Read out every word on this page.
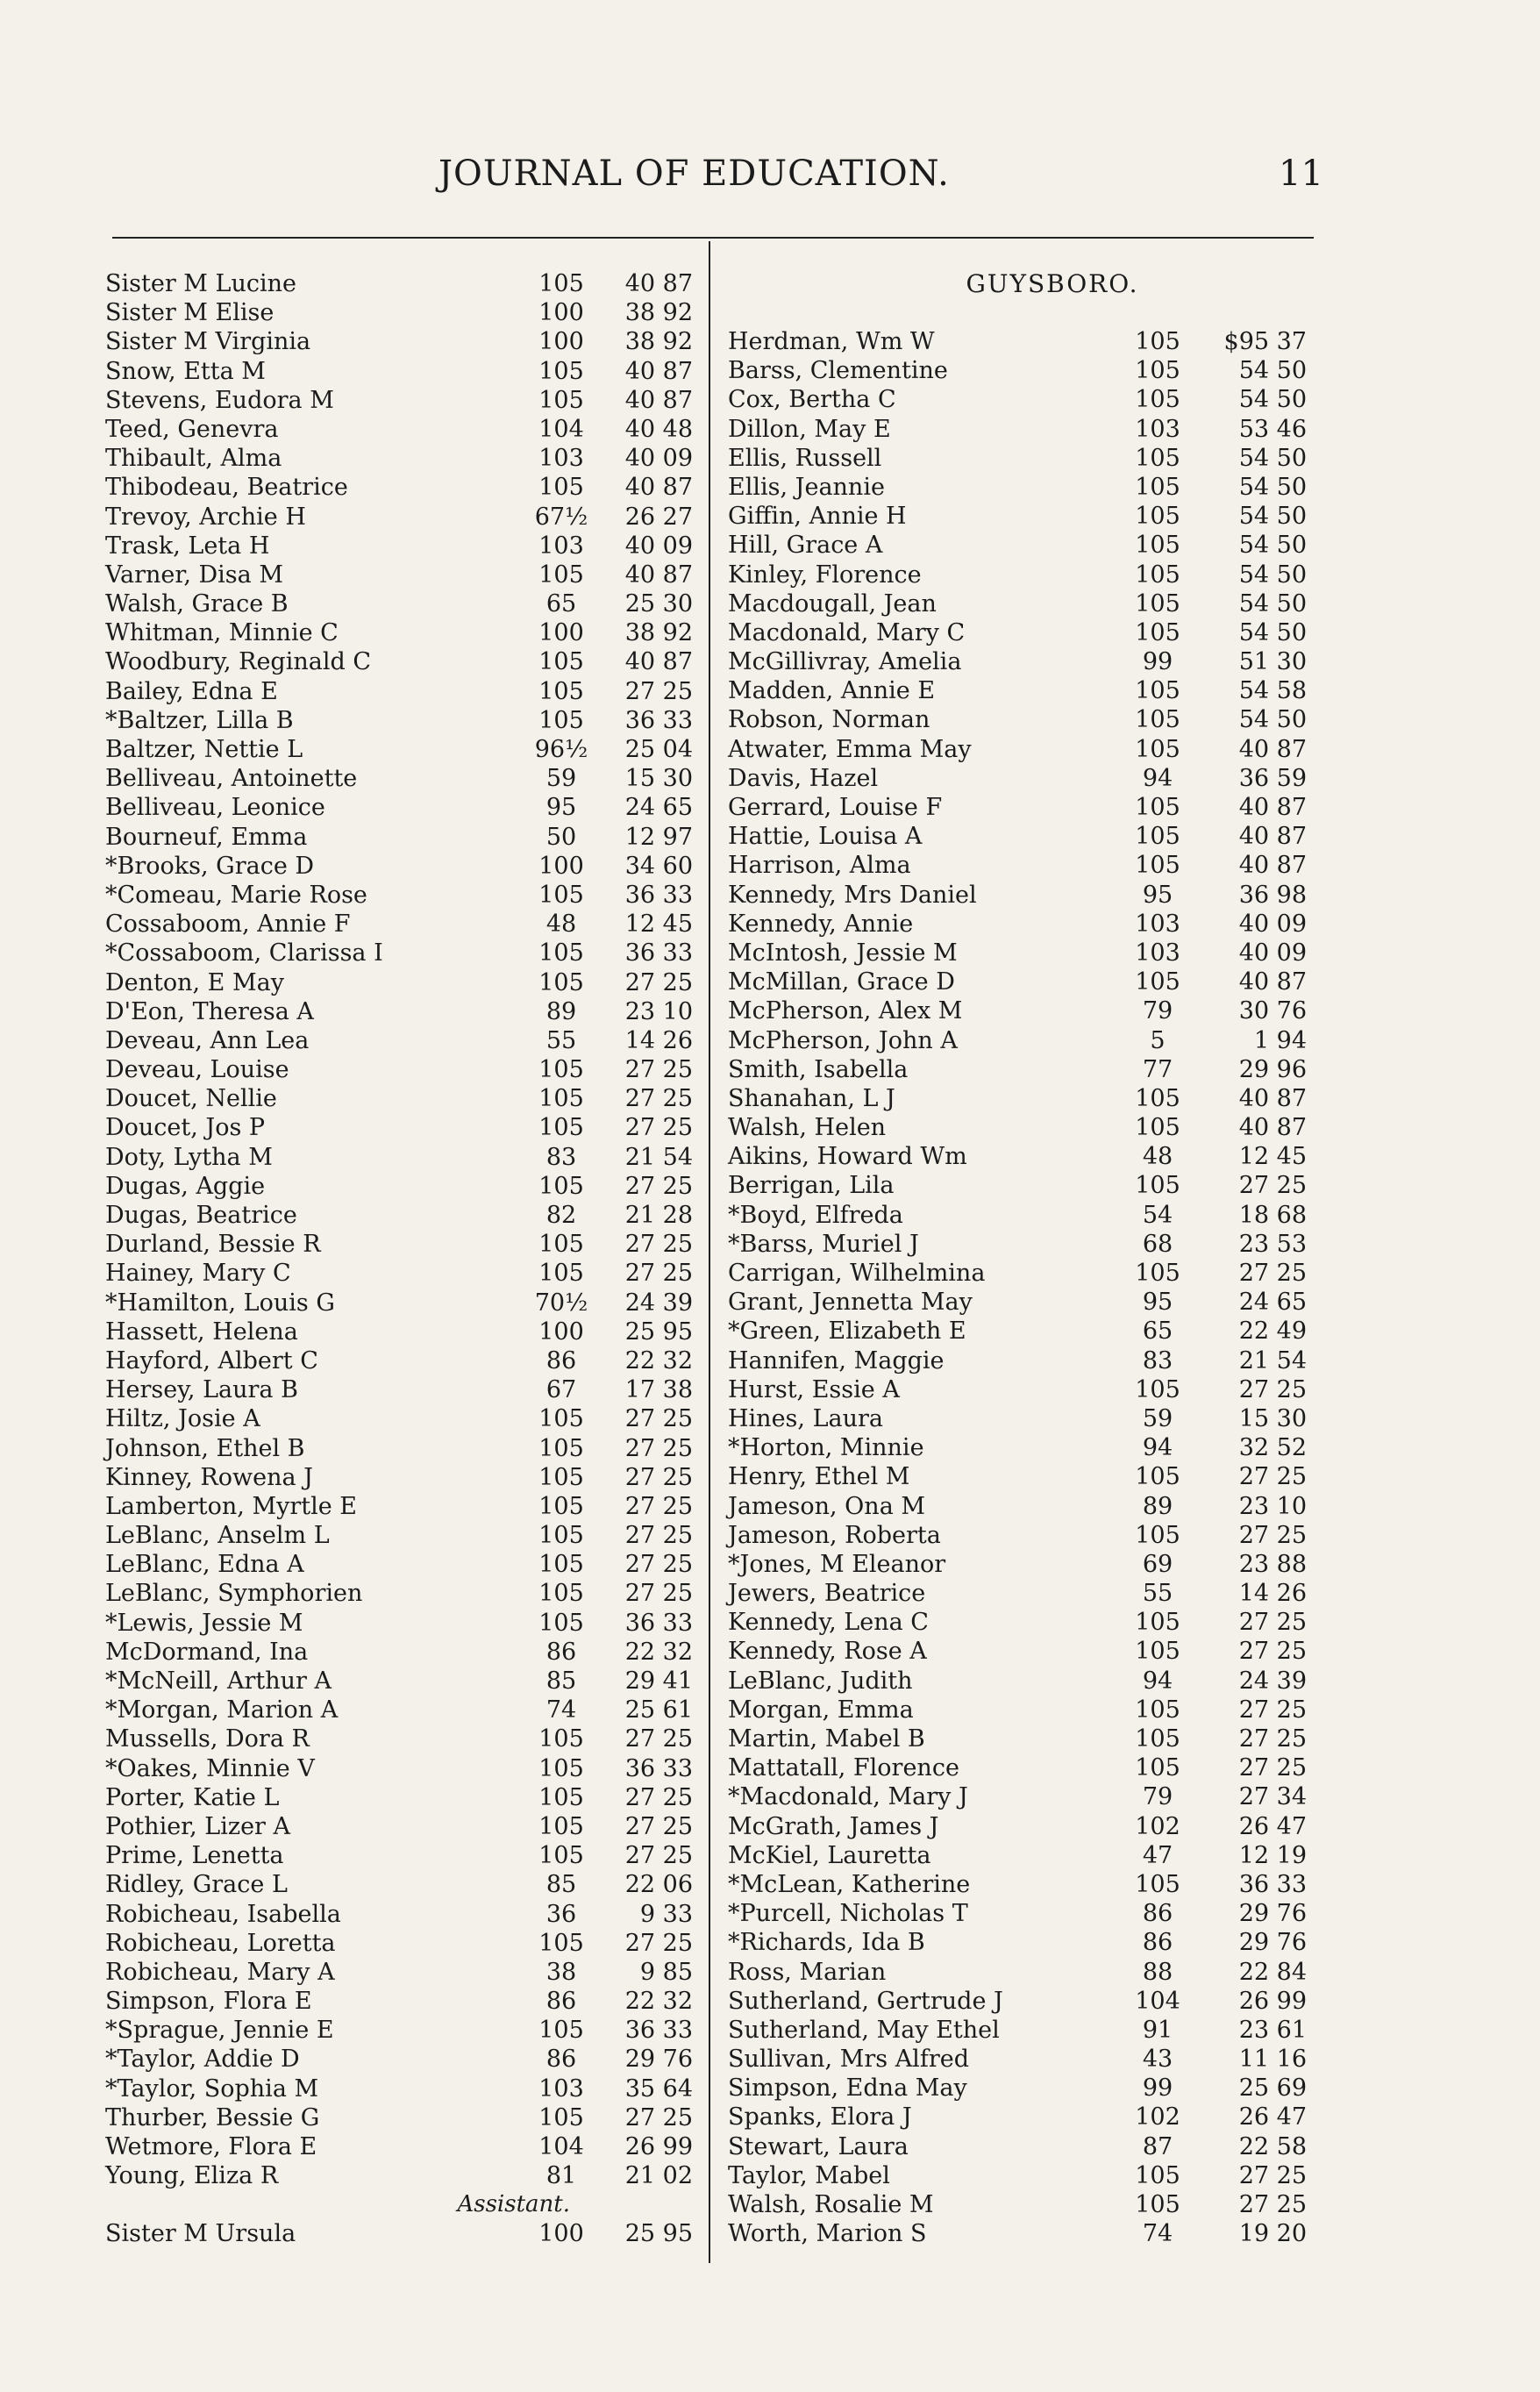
JOURNAL OF EDUCATION.	11
Sister M Lucine	105	40 87
Sister M Elise	100	38 92
Sister M Virginia	100	38 92
Snow, Etta M	105	40 87
Stevens, Eudora M	105	40 87
Teed, Genevra	104	40 48
Thibault, Alma	103	40 09
Thibodeau, Beatrice	105	40 87
Trevoy, Archie H	67½	26 27
Trask, Leta H	103	40 09
Varner, Disa M	105	40 87
Walsh, Grace B	65	25 30
Whitman, Minnie C	100	38 92
Woodbury, Reginald C	105	40 87
Bailey, Edna E	105	27 25
*Baltzer, Lilla B	105	36 33
Baltzer, Nettie L	96½	25 04
Belliveau, Antoinette	59	15 30
Belliveau, Leonice	95	24 65
Bourneuf, Emma	50	12 97
*Brooks, Grace D	100	34 60
*Comeau, Marie Rose	105	36 33
Cossaboom, Annie F	48	12 45
*Cossaboom, Clarissa I	105	36 33
Denton, E May	105	27 25
D'Eon, Theresa A	89	23 10
Deveau, Ann Lea	55	14 26
Deveau, Louise	105	27 25
Doucet, Nellie	105	27 25
Doucet, Jos P	105	27 25
Doty, Lytha M	83	21 54
Dugas, Aggie	105	27 25
Dugas, Beatrice	82	21 28
Durland, Bessie R	105	27 25
Hainey, Mary C	105	27 25
*Hamilton, Louis G	70½	24 39
Hassett, Helena	100	25 95
Hayford, Albert C	86	22 32
Hersey, Laura B	67	17 38
Hiltz, Josie A	105	27 25
Johnson, Ethel B	105	27 25
Kinney, Rowena J	105	27 25
Lamberton, Myrtle E	105	27 25
LeBlanc, Anselm L	105	27 25
LeBlanc, Edna A	105	27 25
LeBlanc, Symphorien	105	27 25
*Lewis, Jessie M	105	36 33
McDormand, Ina	86	22 32
*McNeill, Arthur A	85	29 41
*Morgan, Marion A	74	25 61
Mussells, Dora R	105	27 25
*Oakes, Minnie V	105	36 33
Porter, Katie L	105	27 25
Pothier, Lizer A	105	27 25
Prime, Lenetta	105	27 25
Ridley, Grace L	85	22 06
Robicheau, Isabella	36	9 33
Robicheau, Loretta	105	27 25
Robicheau, Mary A	38	9 85
Simpson, Flora E	86	22 32
*Sprague, Jennie E	105	36 33
*Taylor, Addie D	86	29 76
*Taylor, Sophia M	103	35 64
Thurber, Bessie G	105	27 25
Wetmore, Flora E	104	26 99
Young, Eliza R	81	21 02
Assistant.
Sister M Ursula	100	25 95
GUYSBORO.
Herdman, Wm W	105	$95 37
Barss, Clementine	105	54 50
Cox, Bertha C	105	54 50
Dillon, May E	103	53 46
Ellis, Russell	105	54 50
Ellis, Jeannie	105	54 50
Giffin, Annie H	105	54 50
Hill, Grace A	105	54 50
Kinley, Florence	105	54 50
Macdougall, Jean	105	54 50
Macdonald, Mary C	105	54 50
McGillivray, Amelia	99	51 30
Madden, Annie E	105	54 58
Robson, Norman	105	54 50
Atwater, Emma May	105	40 87
Davis, Hazel	94	36 59
Gerrard, Louise F	105	40 87
Hattie, Louisa A	105	40 87
Harrison, Alma	105	40 87
Kennedy, Mrs Daniel	95	36 98
Kennedy, Annie	103	40 09
McIntosh, Jessie M	103	40 09
McMillan, Grace D	105	40 87
McPherson, Alex M	79	30 76
McPherson, John A	5	1 94
Smith, Isabella	77	29 96
Shanahan, L J	105	40 87
Walsh, Helen	105	40 87
Aikins, Howard Wm	48	12 45
Berrigan, Lila	105	27 25
*Boyd, Elfreda	54	18 68
*Barss, Muriel J	68	23 53
Carrigan, Wilhelmina	105	27 25
Grant, Jennetta May	95	24 65
*Green, Elizabeth E	65	22 49
Hannifen, Maggie	83	21 54
Hurst, Essie A	105	27 25
Hines, Laura	59	15 30
*Horton, Minnie	94	32 52
Henry, Ethel M	105	27 25
Jameson, Ona M	89	23 10
Jameson, Roberta	105	27 25
*Jones, M Eleanor	69	23 88
Jewers, Beatrice	55	14 26
Kennedy, Lena C	105	27 25
Kennedy, Rose A	105	27 25
LeBlanc, Judith	94	24 39
Morgan, Emma	105	27 25
Martin, Mabel B	105	27 25
Mattatall, Florence	105	27 25
*Macdonald, Mary J	79	27 34
McGrath, James J	102	26 47
McKiel, Lauretta	47	12 19
*McLean, Katherine	105	36 33
*Purcell, Nicholas T	86	29 76
*Richards, Ida B	86	29 76
Ross, Marian	88	22 84
Sutherland, Gertrude J	104	26 99
Sutherland, May Ethel	91	23 61
Sullivan, Mrs Alfred	43	11 16
Simpson, Edna May	99	25 69
Spanks, Elora J	102	26 47
Stewart, Laura	87	22 58
Taylor, Mabel	105	27 25
Walsh, Rosalie M	105	27 25
Worth, Marion S	74	19 20
